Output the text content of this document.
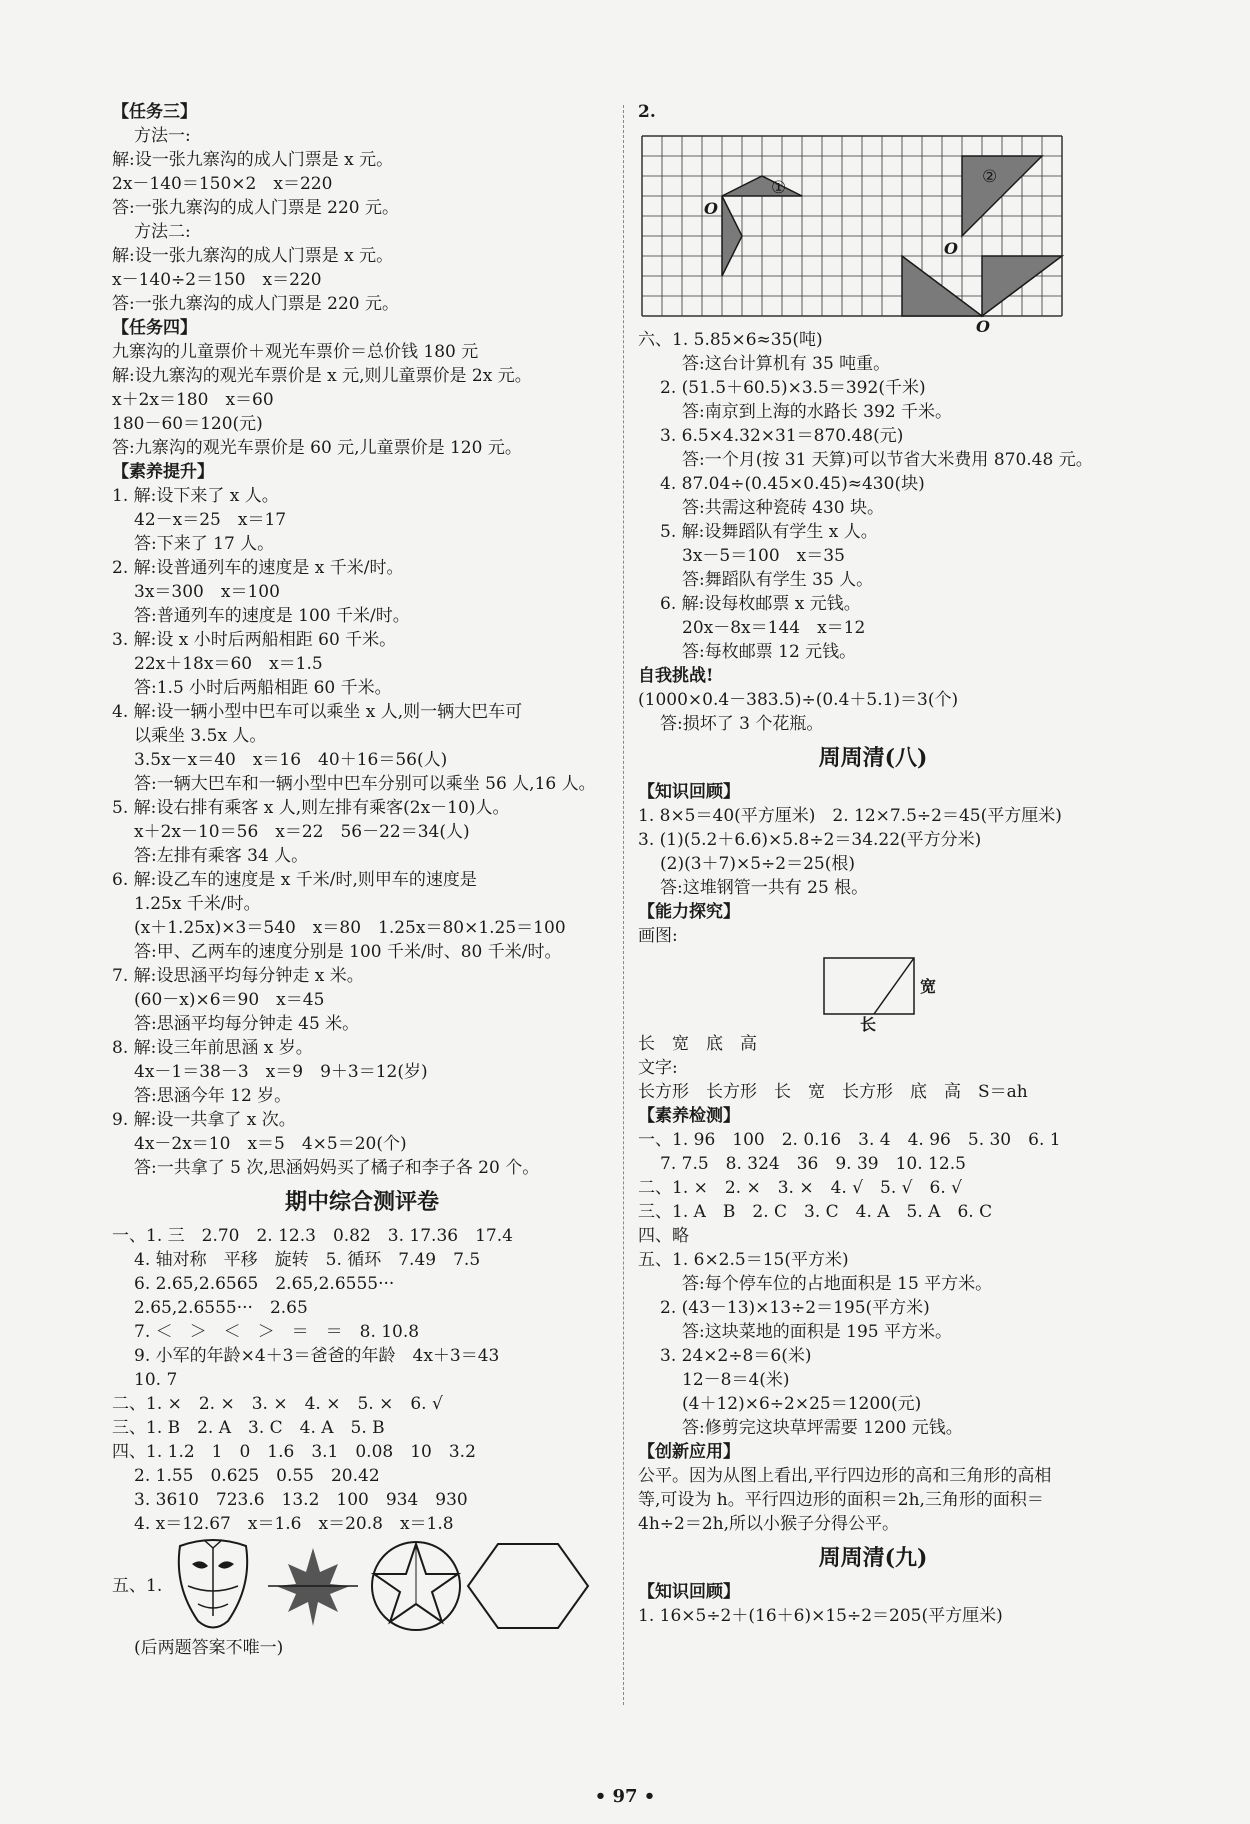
【任务三】
方法一:
解:设一张九寨沟的成人门票是 x 元。
2x－140＝150×2　x＝220
答:一张九寨沟的成人门票是 220 元。
方法二:
解:设一张九寨沟的成人门票是 x 元。
x－140÷2＝150　x＝220
答:一张九寨沟的成人门票是 220 元。
【任务四】
九寨沟的儿童票价＋观光车票价＝总价钱 180 元
解:设九寨沟的观光车票价是 x 元,则儿童票价是 2x 元。
x＋2x＝180　x＝60
180－60＝120(元)
答:九寨沟的观光车票价是 60 元,儿童票价是 120 元。
【素养提升】
1. 解:设下来了 x 人。
42－x＝25　x＝17
答:下来了 17 人。
2. 解:设普通列车的速度是 x 千米/时。
3x＝300　x＝100
答:普通列车的速度是 100 千米/时。
3. 解:设 x 小时后两船相距 60 千米。
22x＋18x＝60　x＝1.5
答:1.5 小时后两船相距 60 千米。
4. 解:设一辆小型中巴车可以乘坐 x 人,则一辆大巴车可
以乘坐 3.5x 人。
3.5x－x＝40　x＝16　40＋16＝56(人)
答:一辆大巴车和一辆小型中巴车分别可以乘坐 56 人,16 人。
5. 解:设右排有乘客 x 人,则左排有乘客(2x－10)人。
x＋2x－10＝56　x＝22　56－22＝34(人)
答:左排有乘客 34 人。
6. 解:设乙车的速度是 x 千米/时,则甲车的速度是
1.25x 千米/时。
(x＋1.25x)×3＝540　x＝80　1.25x＝80×1.25＝100
答:甲、乙两车的速度分别是 100 千米/时、80 千米/时。
7. 解:设思涵平均每分钟走 x 米。
(60－x)×6＝90　x＝45
答:思涵平均每分钟走 45 米。
8. 解:设三年前思涵 x 岁。
4x－1＝38－3　x＝9　9＋3＝12(岁)
答:思涵今年 12 岁。
9. 解:设一共拿了 x 次。
4x－2x＝10　x＝5　4×5＝20(个)
答:一共拿了 5 次,思涵妈妈买了橘子和李子各 20 个。
期中综合测评卷
一、1. 三　2.70　2. 12.3　0.82　3. 17.36　17.4
4. 轴对称　平移　旋转　5. 循环　7.49　7.5
6. 2.65,2.6565　2.65,2.6555···
2.65,2.6555···　2.65
7. ＜　＞　＜　＞　＝　＝　8. 10.8
9. 小军的年龄×4＋3＝爸爸的年龄　4x＋3＝43
10. 7
二、1. ×　2. ×　3. ×　4. ×　5. ×　6. √
三、1. B　2. A　3. C　4. A　5. B
四、1. 1.2　1　0　1.6　3.1　0.08　10　3.2
2. 1.55　0.625　0.55　20.42
3. 3610　723.6　13.2　100　934　930
4. x＝12.67　x＝1.6　x＝20.8　x＝1.8
五、1.
(后两题答案不唯一)
2.
①
O
②
O
O
六、1. 5.85×6≈35(吨)
答:这台计算机有 35 吨重。
2. (51.5＋60.5)×3.5＝392(千米)
答:南京到上海的水路长 392 千米。
3. 6.5×4.32×31＝870.48(元)
答:一个月(按 31 天算)可以节省大米费用 870.48 元。
4. 87.04÷(0.45×0.45)≈430(块)
答:共需这种瓷砖 430 块。
5. 解:设舞蹈队有学生 x 人。
3x－5＝100　x＝35
答:舞蹈队有学生 35 人。
6. 解:设每枚邮票 x 元钱。
20x－8x＝144　x＝12
答:每枚邮票 12 元钱。
自我挑战!
(1000×0.4－383.5)÷(0.4＋5.1)＝3(个)
答:损坏了 3 个花瓶。
周周清(八)
【知识回顾】
1. 8×5＝40(平方厘米)　2. 12×7.5÷2＝45(平方厘米)
3. (1)(5.2＋6.6)×5.8÷2＝34.22(平方分米)
(2)(3＋7)×5÷2＝25(根)
答:这堆钢管一共有 25 根。
【能力探究】
画图:
宽
长
长　宽　底　高
文字:
长方形　长方形　长　宽　长方形　底　高　S＝ah
【素养检测】
一、1. 96　100　2. 0.16　3. 4　4. 96　5. 30　6. 1
7. 7.5　8. 324　36　9. 39　10. 12.5
二、1. ×　2. ×　3. ×　4. √　5. √　6. √
三、1. A　B　2. C　3. C　4. A　5. A　6. C
四、略
五、1. 6×2.5＝15(平方米)
答:每个停车位的占地面积是 15 平方米。
2. (43－13)×13÷2＝195(平方米)
答:这块菜地的面积是 195 平方米。
3. 24×2÷8＝6(米)
12－8＝4(米)
(4＋12)×6÷2×25＝1200(元)
答:修剪完这块草坪需要 1200 元钱。
【创新应用】
公平。因为从图上看出,平行四边形的高和三角形的高相
等,可设为 h。平行四边形的面积＝2h,三角形的面积＝
4h÷2＝2h,所以小猴子分得公平。
周周清(九)
【知识回顾】
1. 16×5÷2＋(16＋6)×15÷2＝205(平方厘米)
• 97 •
